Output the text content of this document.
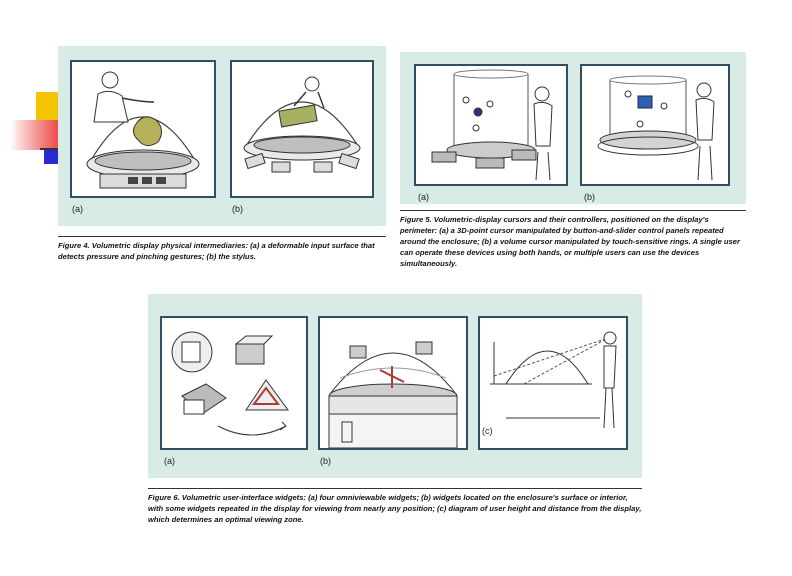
(a)	(b)
Figure 4. Volumetric display physical intermediaries: (a) a deformable input surface that detects pressure and pinching gestures; (b) the stylus.
(a)	(b)
Figure 5. Volumetric-display cursors and their controllers, positioned on the display's perimeter: (a) a 3D-point cursor manipulated by button-and-slider control panels repeated around the enclosure; (b) a volume cursor manipulated by touch-sensitive rings. A single user can operate these devices using both hands, or multiple users can use the devices simultaneously.
(a)	(b)
(c)
Figure 6. Volumetric user-interface widgets: (a) four omniviewable widgets; (b) widgets located on the enclosure's surface or interior, with some widgets repeated in the display for viewing from nearly any position; (c) diagram of user height and distance from the display, which determines an optimal viewing zone.
